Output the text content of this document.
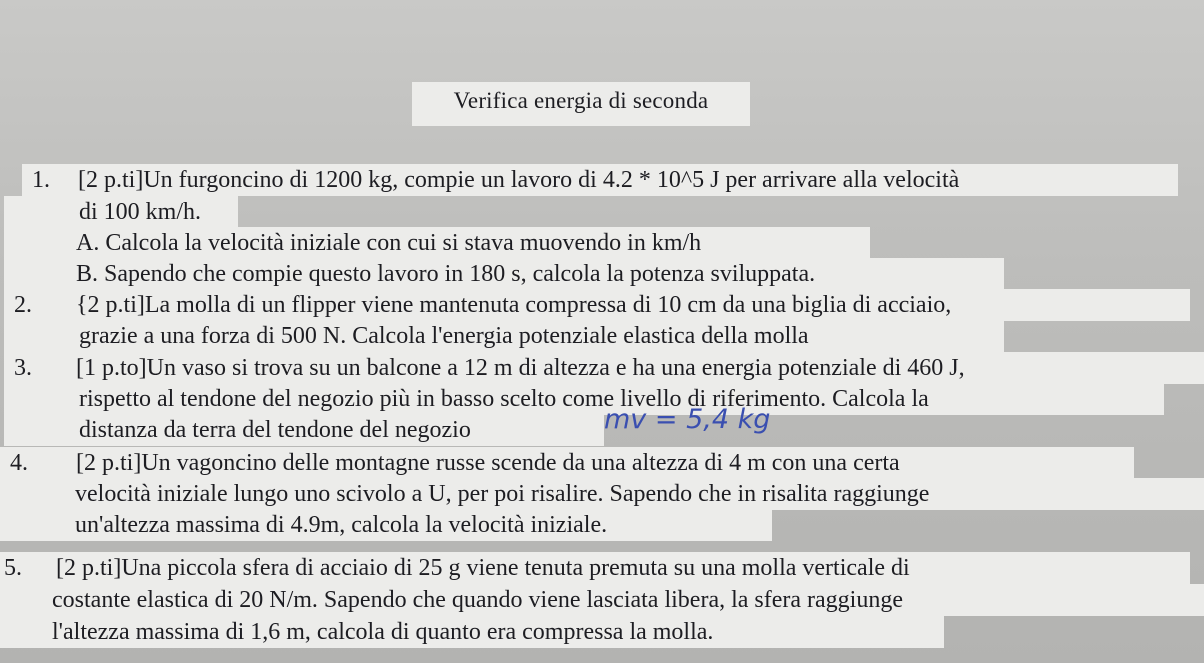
Verifica energia di seconda
1. [2 p.ti]Un furgoncino di 1200 kg, compie un lavoro di 4.2 * 10^5 J per arrivare alla velocità
di 100 km/h.
A. Calcola la velocità iniziale con cui si stava muovendo in km/h
B. Sapendo che compie questo lavoro in 180 s, calcola la potenza sviluppata.
2. {2 p.ti]La molla di un flipper viene mantenuta compressa di 10 cm da una biglia di acciaio,
grazie a una forza di 500 N. Calcola l'energia potenziale elastica della molla
3. [1 p.to]Un vaso si trova su un balcone a 12 m di altezza e ha una energia potenziale di 460 J,
rispetto al tendone del negozio più in basso scelto come livello di riferimento. Calcola la
distanza da terra del tendone del negozio	mv = 5,4 kg
4. [2 p.ti]Un vagoncino delle montagne russe scende da una altezza di 4 m con una certa
velocità iniziale lungo uno scivolo a U, per poi risalire. Sapendo che in risalita raggiunge
un'altezza massima di 4.9m, calcola la velocità iniziale.
5. [2 p.ti]Una piccola sfera di acciaio di 25 g viene tenuta premuta su una molla verticale di
costante elastica di 20 N/m. Sapendo che quando viene lasciata libera, la sfera raggiunge
l'altezza massima di 1,6 m, calcola di quanto era compressa la molla.
